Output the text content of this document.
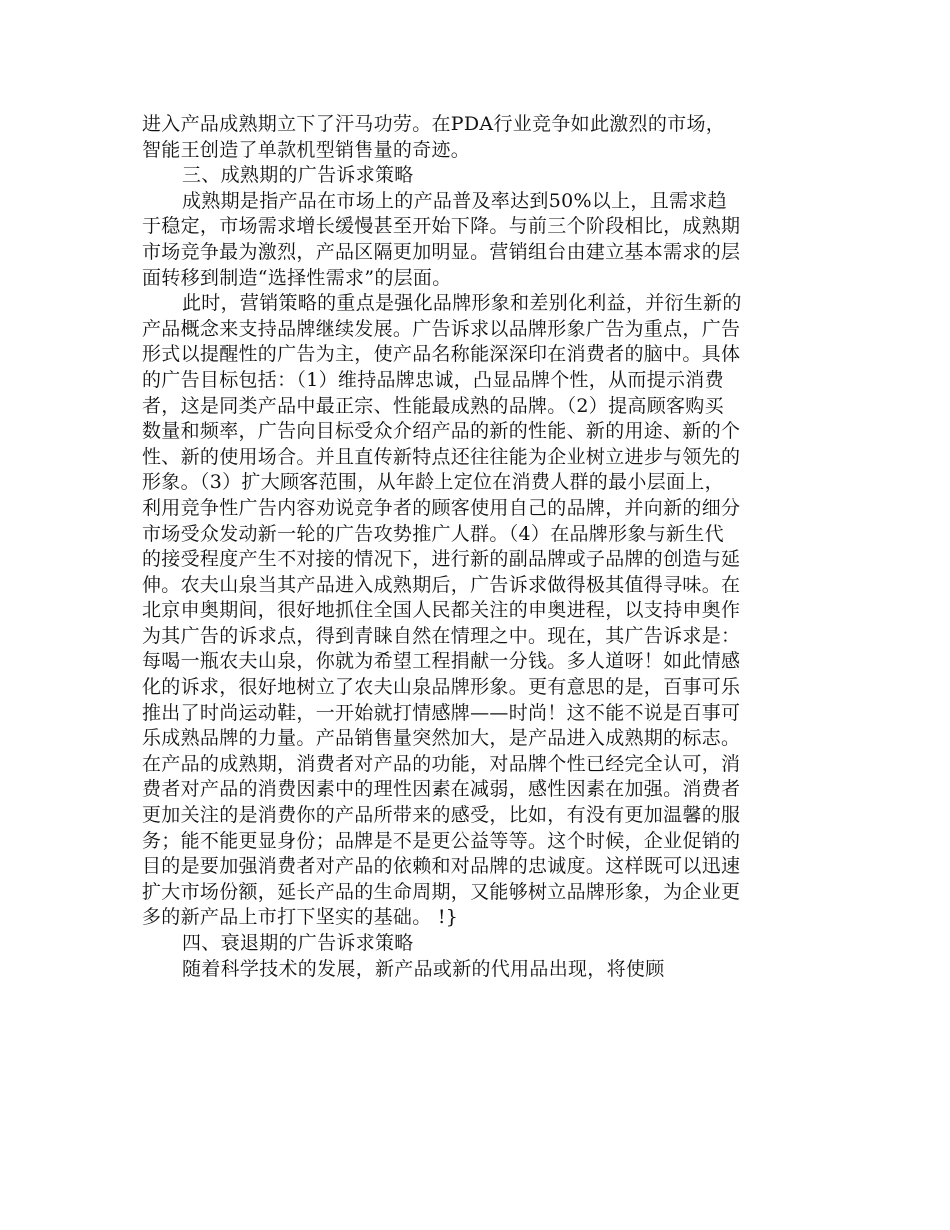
进入产品成熟期立下了汗马功劳。在PDA行业竞争如此激烈的市场，智能王创造了单款机型销售量的奇迹。

三、成熟期的广告诉求策略

成熟期是指产品在市场上的产品普及率达到50%以上，且需求趋于稳定，市场需求增长缓慢甚至开始下降。与前三个阶段相比，成熟期市场竞争最为激烈，产品区隔更加明显。营销组台由建立基本需求的层面转移到制造“选择性需求”的层面。

此时，营销策略的重点是强化品牌形象和差别化利益，并衍生新的产品概念来支持品牌继续发展。广告诉求以品牌形象广告为重点，广告形式以提醒性的广告为主，使产品名称能深深印在消费者的脑中。具体的广告目标包括：（1）维持品牌忠诚，凸显品牌个性，从而提示消费者，这是同类产品中最正宗、性能最成熟的品牌。（2）提高顾客购买数量和频率，广告向目标受众介绍产品的新的性能、新的用途、新的个性、新的使用场合。并且直传新特点还往往能为企业树立进步与领先的形象。（3）扩大顾客范围，从年龄上定位在消费人群的最小层面上，利用竞争性广告内容劝说竞争者的顾客使用自己的品牌，并向新的细分市场受众发动新一轮的广告攻势推广人群。（4）在品牌形象与新生代的接受程度产生不对接的情况下，进行新的副品牌或子品牌的创造与延伸。农夫山泉当其产品进入成熟期后，广告诉求做得极其值得寻味。在北京申奥期间，很好地抓住全国人民都关注的申奥进程，以支持申奥作为其广告的诉求点，得到青睐自然在情理之中。现在，其广告诉求是：每喝一瓶农夫山泉，你就为希望工程捐献一分钱。多人道呀！如此情感化的诉求，很好地树立了农夫山泉品牌形象。更有意思的是，百事可乐推出了时尚运动鞋，一开始就打情感牌——时尚！这不能不说是百事可乐成熟品牌的力量。产品销售量突然加大，是产品进入成熟期的标志。在产品的成熟期，消费者对产品的功能，对品牌个性已经完全认可，消费者对产品的消费因素中的理性因素在减弱，感性因素在加强。消费者更加关注的是消费你的产品所带来的感受，比如，有没有更加温馨的服务；能不能更显身份；品牌是不是更公益等等。这个时候，企业促销的目的是要加强消费者对产品的依赖和对品牌的忠诚度。这样既可以迅速扩大市场份额，延长产品的生命周期，又能够树立品牌形象，为企业更多的新产品上市打下坚实的基础。 !}

四、衰退期的广告诉求策略

随着科学技术的发展，新产品或新的代用品出现，将使顾
